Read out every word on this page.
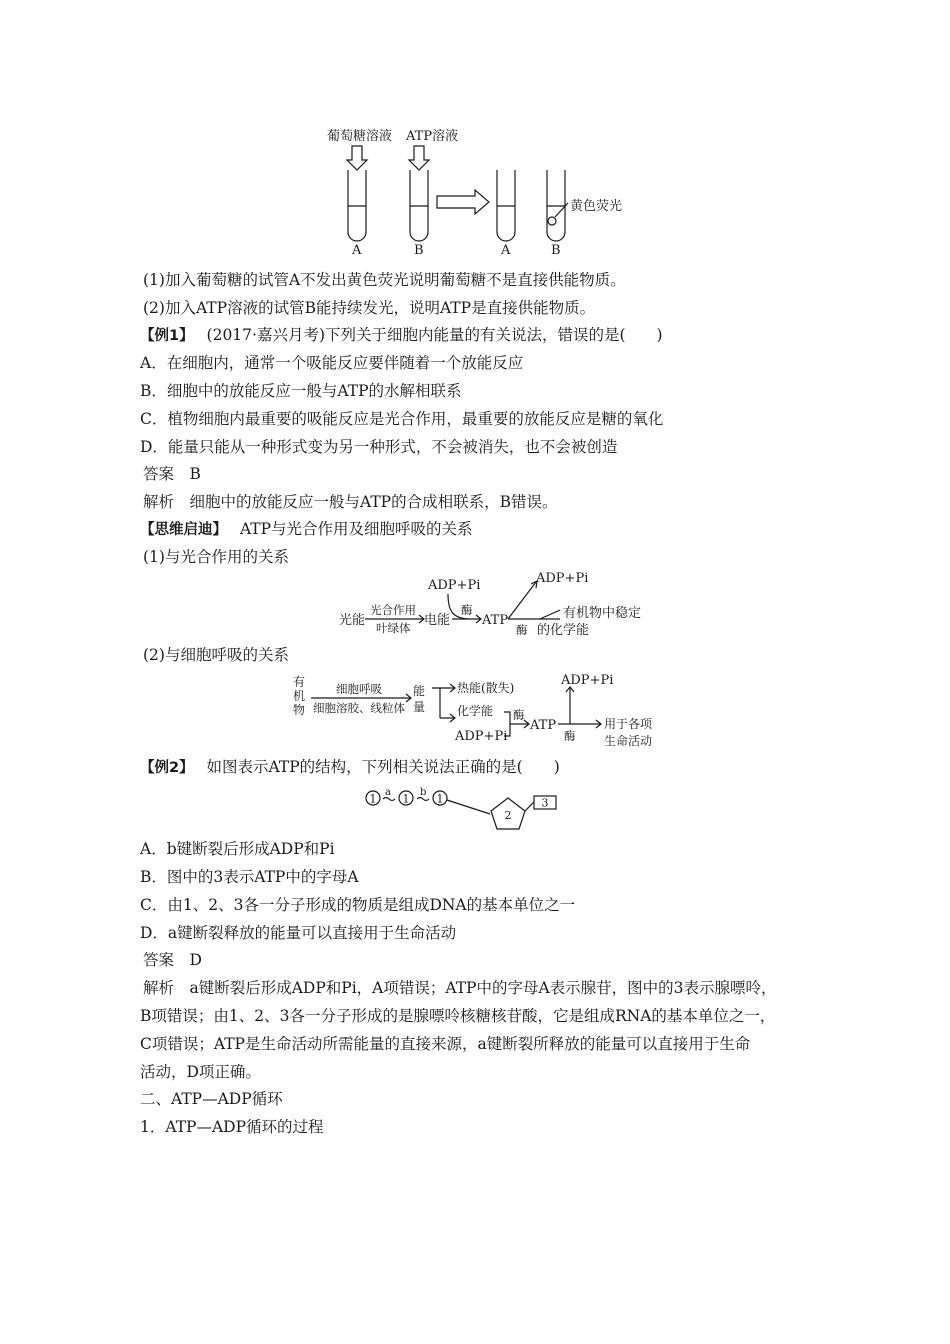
葡萄糖溶液 ATP溶液
黄色荧光
A	B	A	B
(1)加入葡萄糖的试管A不发出黄色荧光说明葡萄糖不是直接供能物质。
(2)加入ATP溶液的试管B能持续发光，说明ATP是直接供能物质。
【例1】 (2017·嘉兴月考)下列关于细胞内能量的有关说法，错误的是(　　)
A．在细胞内，通常一个吸能反应要伴随着一个放能反应
B．细胞中的放能反应一般与ATP的水解相联系
C．植物细胞内最重要的吸能反应是光合作用，最重要的放能反应是糖的氧化
D．能量只能从一种形式变为另一种形式，不会被消失，也不会被创造
答案　B
解析　细胞中的放能反应一般与ATP的合成相联系，B错误。
【思维启迪】 ATP与光合作用及细胞呼吸的关系
(1)与光合作用的关系
光能
光合作用
叶绿体 电能
ADP+Pi
酶
ATP
ADP+Pi
酶
有机物中稳定
的化学能
(2)与细胞呼吸的关系
有
机
物
细胞呼吸
细胞溶胶、线粒体
能
量
热能(散失)
化学能
ADP+Pi
酶
ATP
ADP+Pi
酶
用于各项
生命活动
【例2】 如图表示ATP的结构，下列相关说法正确的是(　　)
1 a 1 b 1
2
3
A．b键断裂后形成ADP和Pi
B．图中的3表示ATP中的字母A
C．由1、2、3各一分子形成的物质是组成DNA的基本单位之一
D．a键断裂释放的能量可以直接用于生命活动
答案　D
解析　a键断裂后形成ADP和Pi，A项错误；ATP中的字母A表示腺苷，图中的3表示腺嘌呤，
B项错误；由1、2、3各一分子形成的是腺嘌呤核糖核苷酸，它是组成RNA的基本单位之一，
C项错误；ATP是生命活动所需能量的直接来源，a键断裂所释放的能量可以直接用于生命
活动，D项正确。
二、ATP—ADP循环
1．ATP—ADP循环的过程
